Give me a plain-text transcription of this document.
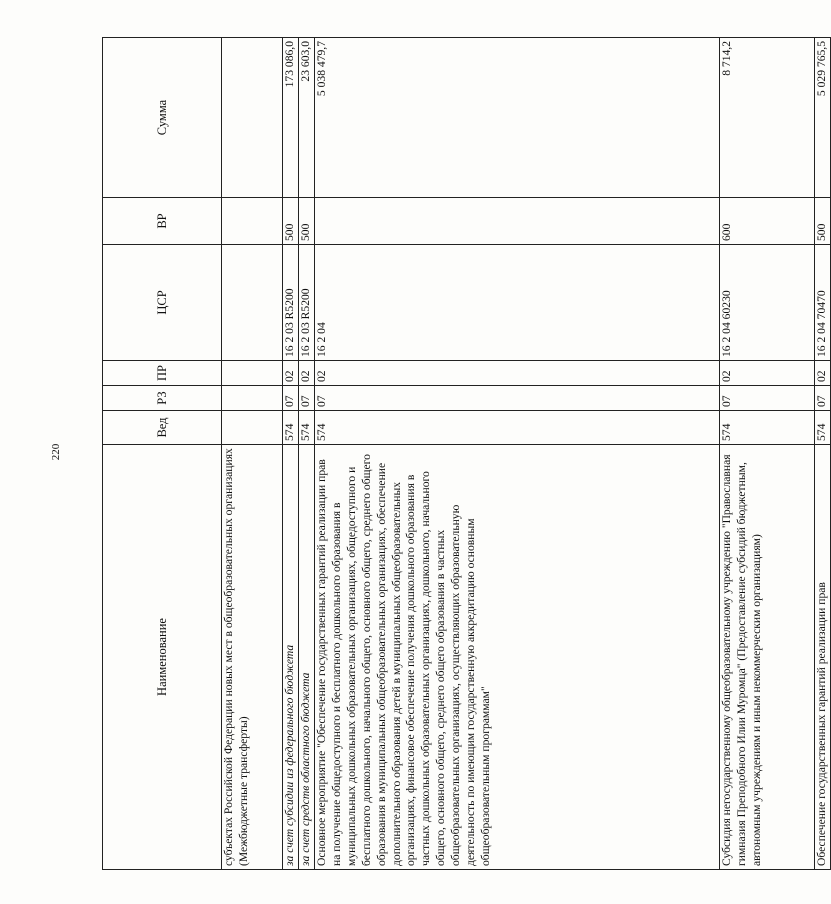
220
Наименование	Вед	РЗ	ПР	ЦСР	ВР	Сумма
субъектах Российской Федерации новых мест в общеобразовательных организациях (Межбюджетные трансферты)						
за счет субсидии из федерального бюджета	574	07	02	16 2 03 R5200	500	173 086,0
за счет средств областного бюджета	574	07	02	16 2 03 R5200	500	23 603,0
Основное мероприятие "Обеспечение государственных гарантий реализации прав на получение общедоступного и бесплатного дошкольного образования в муниципальных дошкольных образовательных организациях, общедоступного и бесплатного дошкольного, начального общего, основного общего, среднего общего образования в муниципальных общеобразовательных организациях, обеспечение дополнительного образования детей в муниципальных общеобразовательных организациях, финансовое обеспечение получения дошкольного образования в частных дошкольных образовательных организациях, дошкольного, начального общего, основного общего, среднего общего образования в частных общеобразовательных организациях, осуществляющих образовательную деятельность по имеющим государственную аккредитацию основным общеобразовательным программам"	574	07	02	16 2 04		5 038 479,7
Субсидия негосударственному общеобразовательному учреждению "Православная гимназия Преподобного Илии Муромца" (Предоставление субсидий бюджетным, автономным учреждениям и иным некоммерческим организациям)	574	07	02	16 2 04 60230	600	8 714,2
Обеспечение государственных гарантий реализации прав	574	07	02	16 2 04 70470	500	5 029 765,5
